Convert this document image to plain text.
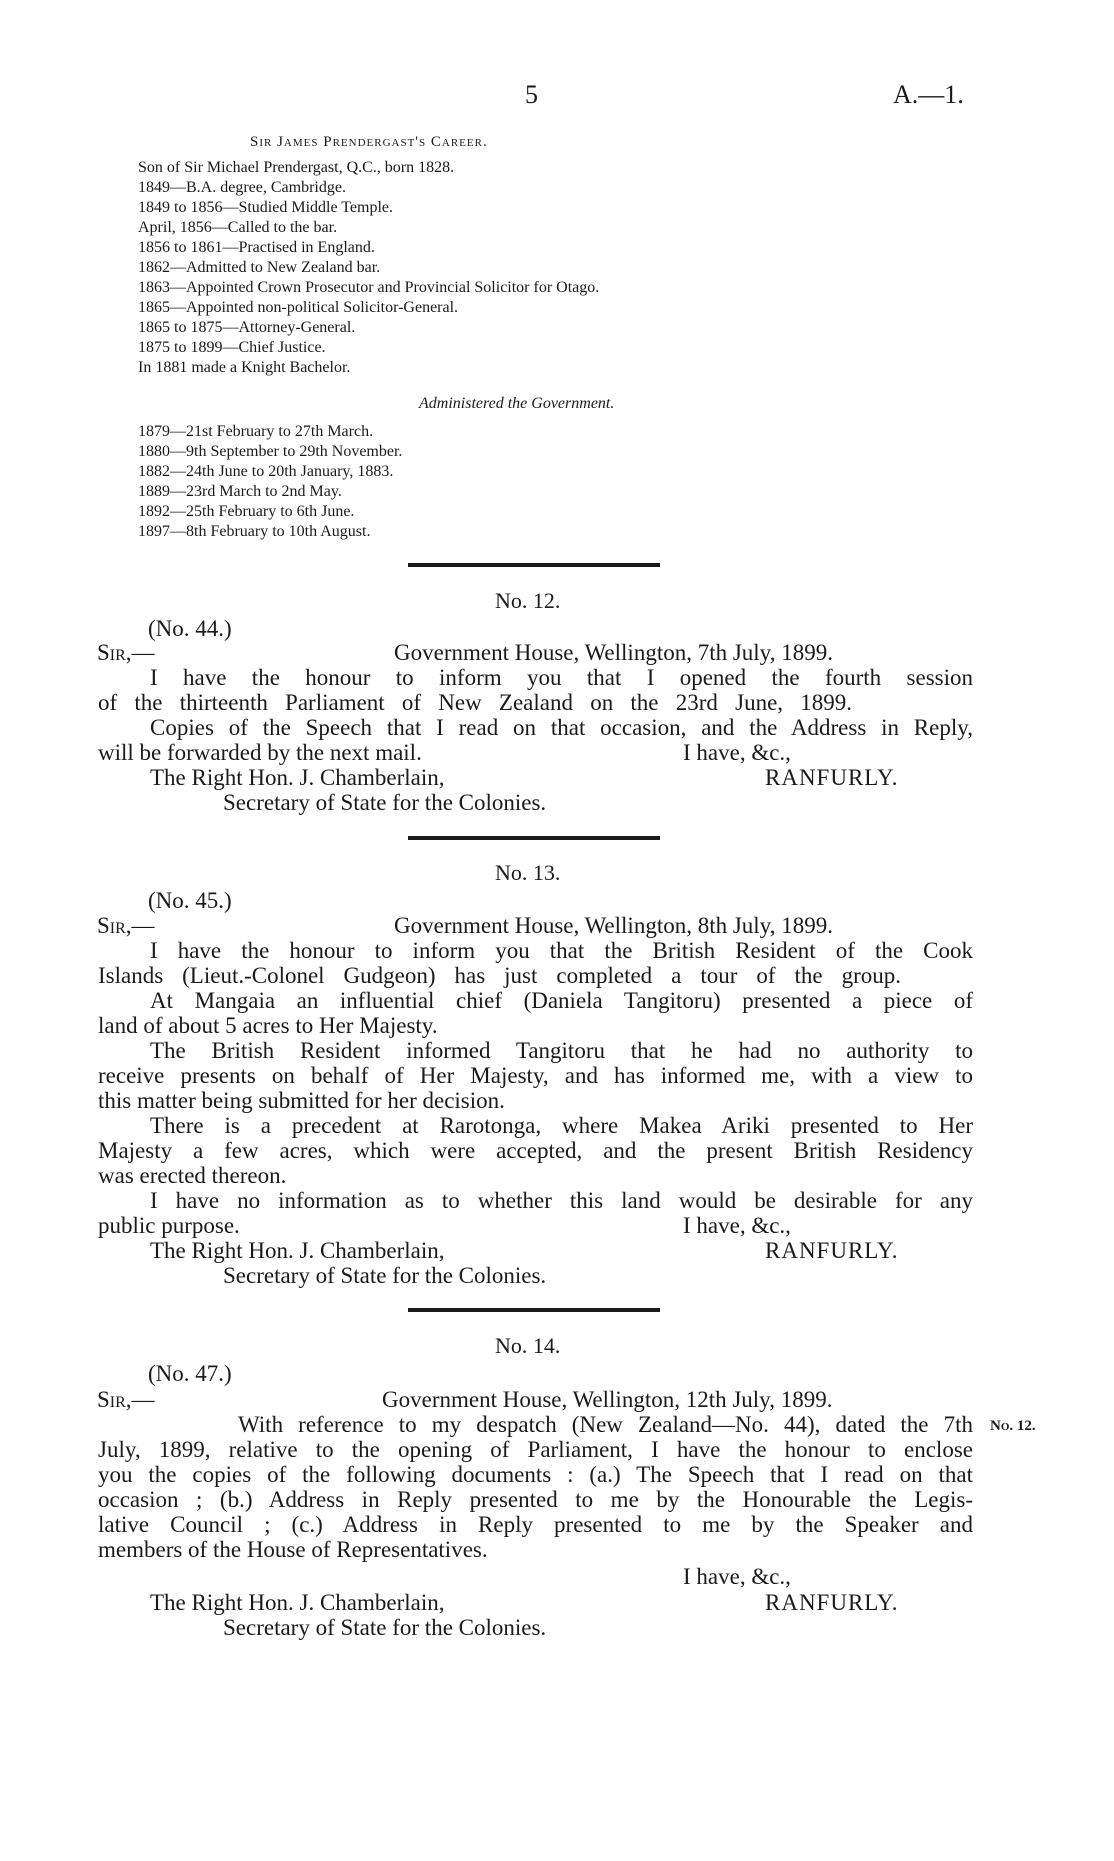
5	A.—1.
Sir James Prendergast's Career.
Son of Sir Michael Prendergast, Q.C., born 1828.
1849—B.A. degree, Cambridge.
1849 to 1856—Studied Middle Temple.
April, 1856—Called to the bar.
1856 to 1861—Practised in England.
1862—Admitted to New Zealand bar.
1863—Appointed Crown Prosecutor and Provincial Solicitor for Otago.
1865—Appointed non-political Solicitor-General.
1865 to 1875—Attorney-General.
1875 to 1899—Chief Justice.
In 1881 made a Knight Bachelor.
Administered the Government.
1879—21st February to 27th March.
1880—9th September to 29th November.
1882—24th June to 20th January, 1883.
1889—23rd March to 2nd May.
1892—25th February to 6th June.
1897—8th February to 10th August.
No. 12.
(No. 44.)
Sir,—	Government House, Wellington, 7th July, 1899.
I have the honour to inform you that I opened the fourth session
of the thirteenth Parliament of New Zealand on the 23rd June, 1899.
Copies of the Speech that I read on that occasion, and the Address in Reply,
will be forwarded by the next mail.	I have, &c.,
The Right Hon. J. Chamberlain,	RANFURLY.
Secretary of State for the Colonies.
No. 13.
(No. 45.)
Sir,—	Government House, Wellington, 8th July, 1899.
I have the honour to inform you that the British Resident of the Cook
Islands (Lieut.-Colonel Gudgeon) has just completed a tour of the group.
At Mangaia an influential chief (Daniela Tangitoru) presented a piece of
land of about 5 acres to Her Majesty.
The British Resident informed Tangitoru that he had no authority to
receive presents on behalf of Her Majesty, and has informed me, with a view to
this matter being submitted for her decision.
There is a precedent at Rarotonga, where Makea Ariki presented to Her
Majesty a few acres, which were accepted, and the present British Residency
was erected thereon.
I have no information as to whether this land would be desirable for any
public purpose.	I have, &c.,
The Right Hon. J. Chamberlain,	RANFURLY.
Secretary of State for the Colonies.
No. 14.
(No. 47.)
Sir,—	Government House, Wellington, 12th July, 1899.
With reference to my despatch (New Zealand—No. 44), dated the 7th No. 12.
July, 1899, relative to the opening of Parliament, I have the honour to enclose
you the copies of the following documents : (a.) The Speech that I read on that
occasion ; (b.) Address in Reply presented to me by the Honourable the Legis-
lative Council ; (c.) Address in Reply presented to me by the Speaker and
members of the House of Representatives.
I have, &c.,
The Right Hon. J. Chamberlain,	RANFURLY.
Secretary of State for the Colonies.
